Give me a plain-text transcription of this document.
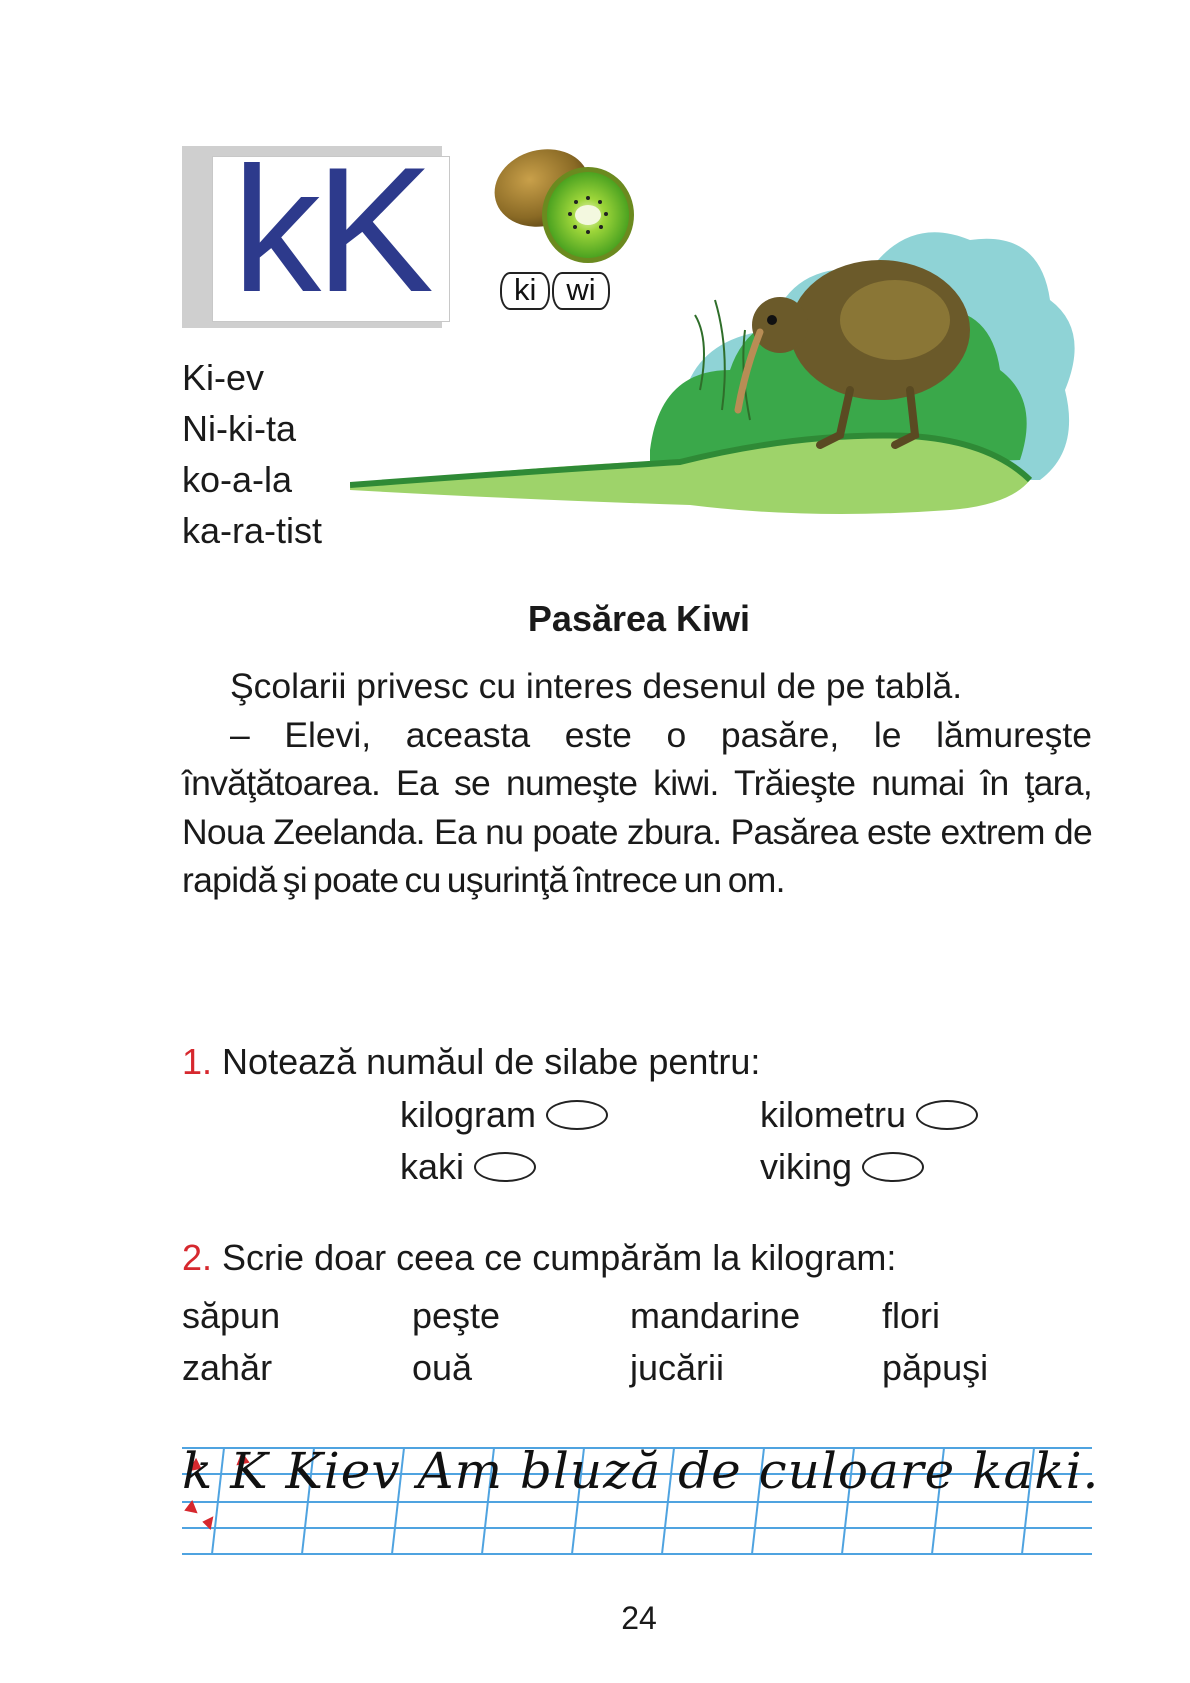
kK	ki wi
Ki-ev
Ni-ki-ta
ko-a-la
ka-ra-tist
Pasărea Kiwi

Şcolarii privesc cu interes desenul de pe tablă.

– Elevi, aceasta este o pasăre, le lămureşte

învăţătoarea. Ea se numeşte kiwi. Trăieşte numai în ţara, Noua Zeelanda. Ea nu poate zbura. Pasărea este extrem de rapidă şi poate cu uşurinţă întrece un om.

1. Notează număul de silabe pentru:
kilogram	kilometru
kaki	viking
2. Scrie doar ceea ce cumpărăm la kilogram:
săpun	peşte	mandarine	flori
zahăr	ouă	jucării	păpuşi
k K Kiev Am bluză de culoare kaki.
24
